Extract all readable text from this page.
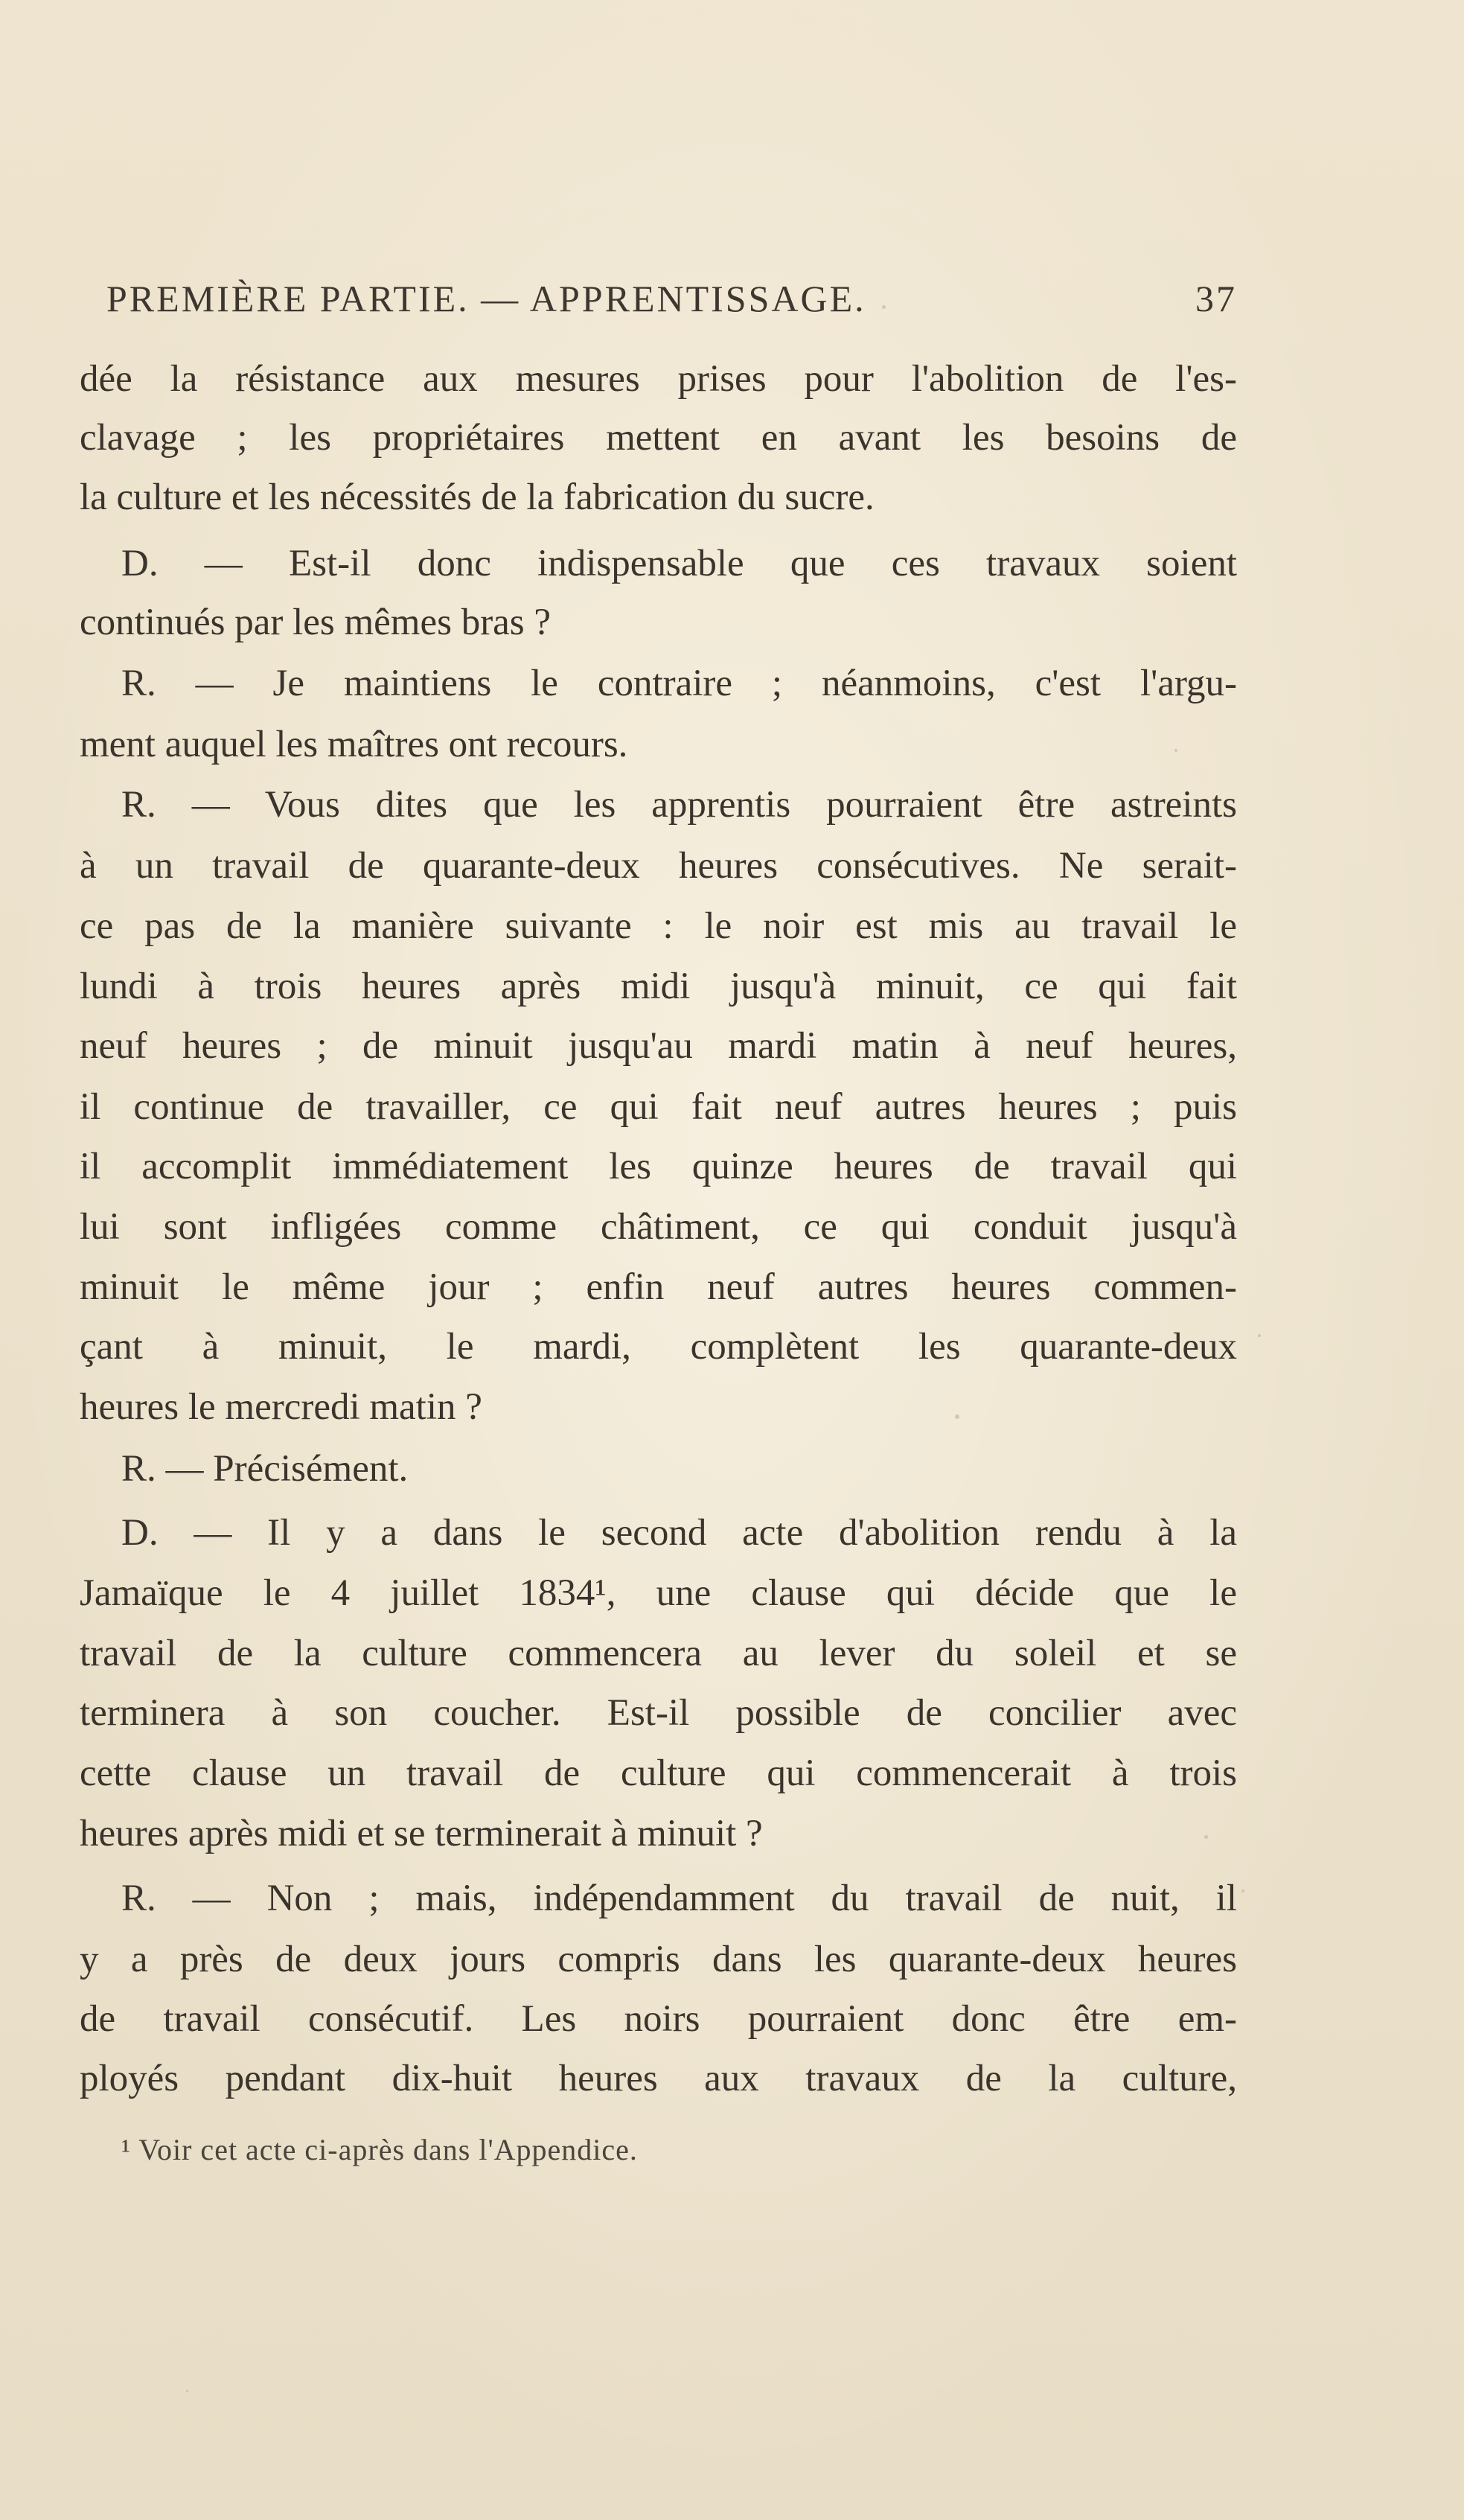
PREMIÈRE PARTIE. — APPRENTISSAGE.	37
dée la résistance aux mesures prises pour l'abolition de l'es-
clavage ; les propriétaires mettent en avant les besoins de
la culture et les nécessités de la fabrication du sucre.
D. — Est-il donc indispensable que ces travaux soient
continués par les mêmes bras ?
R. — Je maintiens le contraire ; néanmoins, c'est l'argu-
ment auquel les maîtres ont recours.
R. — Vous dites que les apprentis pourraient être astreints
à un travail de quarante-deux heures consécutives. Ne serait-
ce pas de la manière suivante : le noir est mis au travail le
lundi à trois heures après midi jusqu'à minuit, ce qui fait
neuf heures ; de minuit jusqu'au mardi matin à neuf heures,
il continue de travailler, ce qui fait neuf autres heures ; puis
il accomplit immédiatement les quinze heures de travail qui
lui sont infligées comme châtiment, ce qui conduit jusqu'à
minuit le même jour ; enfin neuf autres heures commen-
çant à minuit, le mardi, complètent les quarante-deux
heures le mercredi matin ?
R. — Précisément.
D. — Il y a dans le second acte d'abolition rendu à la
Jamaïque le 4 juillet 1834¹, une clause qui décide que le
travail de la culture commencera au lever du soleil et se
terminera à son coucher. Est-il possible de concilier avec
cette clause un travail de culture qui commencerait à trois
heures après midi et se terminerait à minuit ?
R. — Non ; mais, indépendamment du travail de nuit, il
y a près de deux jours compris dans les quarante-deux heures
de travail consécutif. Les noirs pourraient donc être em-
ployés pendant dix-huit heures aux travaux de la culture,
¹ Voir cet acte ci-après dans l'Appendice.
